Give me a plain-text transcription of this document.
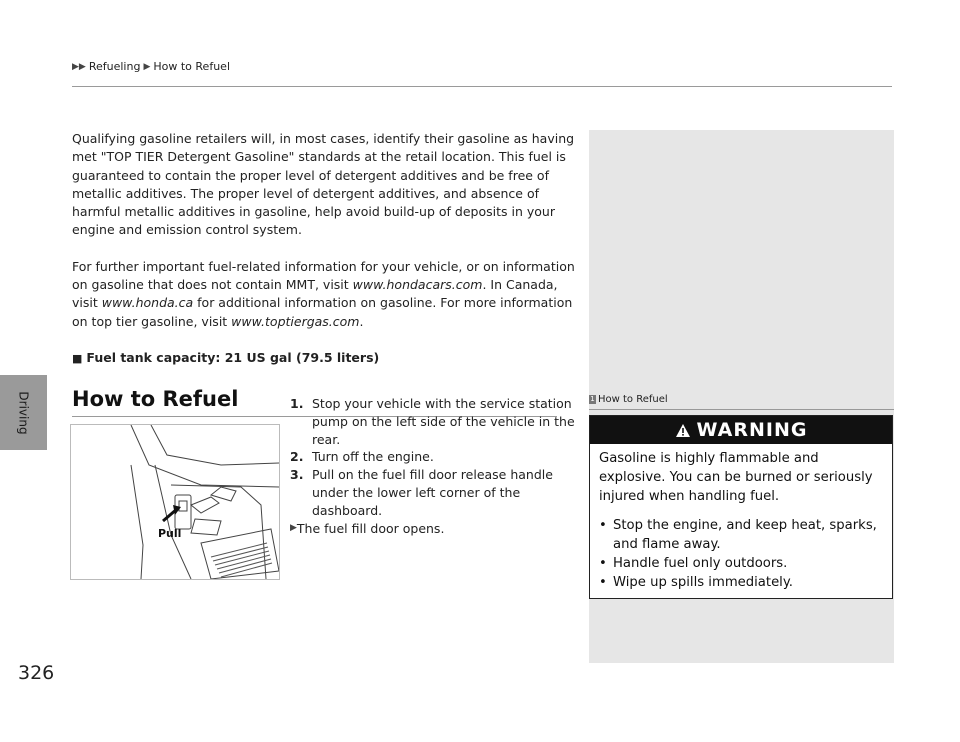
Driving
326
▶▶ Refueling ▶ How to Refuel

Qualifying gasoline retailers will, in most cases, identify their gasoline as having met "TOP TIER Detergent Gasoline" standards at the retail location. This fuel is guaranteed to contain the proper level of detergent additives and be free of metallic additives. The proper level of detergent additives, and absence of harmful metallic additives in gasoline, help avoid build-up of deposits in your engine and emission control system.

For further important fuel-related information for your vehicle, or on information on gasoline that does not contain MMT, visit www.hondacars.com. In Canada, visit www.honda.ca for additional information on gasoline. For more information on top tier gasoline, visit www.toptiergas.com.

■ Fuel tank capacity: 21 US gal (79.5 liters)
How to Refuel
Pull
1. Stop your vehicle with the service station pump on the left side of the vehicle in the rear.
2. Turn off the engine.
3. Pull on the fuel fill door release handle under the lower left corner of the dashboard.
▶ The fuel fill door opens.
1 How to Refuel
WARNING

Gasoline is highly flammable and explosive. You can be burned or seriously injured when handling fuel.

• Stop the engine, and keep heat, sparks, and flame away.
• Handle fuel only outdoors.
• Wipe up spills immediately.
